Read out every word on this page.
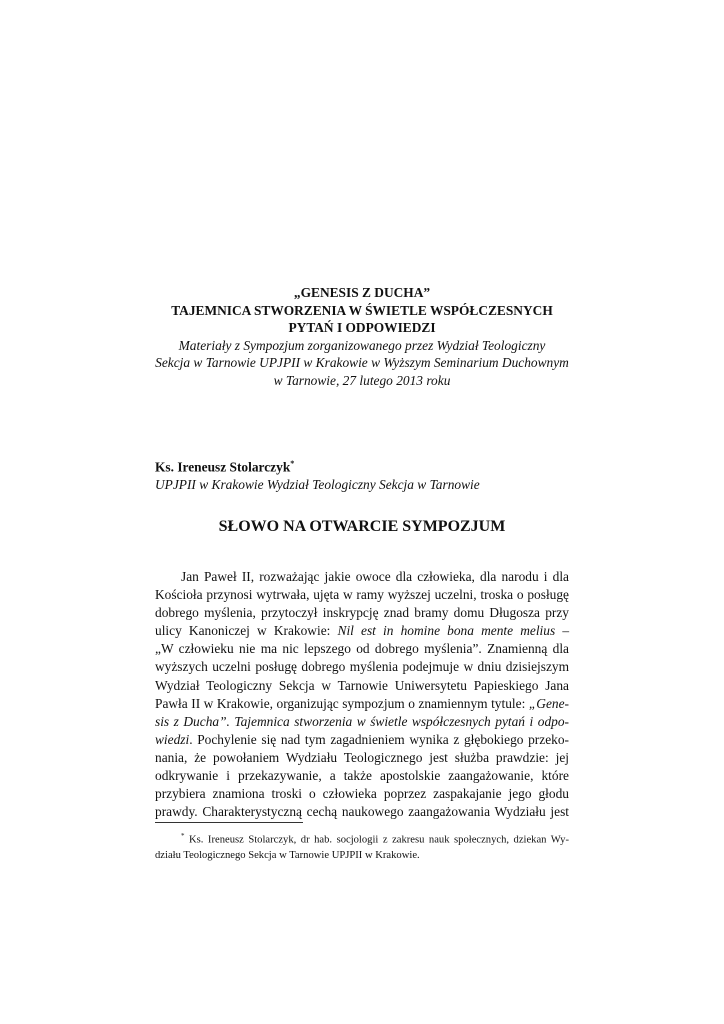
„GENESIS Z DUCHA”
TAJEMNICA STWORZENIA W ŚWIETLE WSPÓŁCZESNYCH
PYTAŃ I ODPOWIEDZI
Materiały z Sympozjum zorganizowanego przez Wydział Teologiczny
Sekcja w Tarnowie UPJPII w Krakowie w Wyższym Seminarium Duchownym
w Tarnowie, 27 lutego 2013 roku
Ks. Ireneusz Stolarczyk*
UPJPII w Krakowie Wydział Teologiczny Sekcja w Tarnowie
SŁOWO NA OTWARCIE SYMPOZJUM
Jan Paweł II, rozważając jakie owoce dla człowieka, dla narodu i dla
Kościoła przynosi wytrwała, ujęta w ramy wyższej uczelni, troska o posługę
dobrego myślenia, przytoczył inskrypcję znad bramy domu Długosza przy
ulicy Kanoniczej w Krakowie: Nil est in homine bona mente melius –
„W człowieku nie ma nic lepszego od dobrego myślenia”. Znamienną dla
wyższych uczelni posługę dobrego myślenia podejmuje w dniu dzisiejszym
Wydział Teologiczny Sekcja w Tarnowie Uniwersytetu Papieskiego Jana
Pawła II w Krakowie, organizując sympozjum o znamiennym tytule: „Gene-
sis z Ducha”. Tajemnica stworzenia w świetle współczesnych pytań i odpo-
wiedzi. Pochylenie się nad tym zagadnieniem wynika z głębokiego przeko-
nania, że powołaniem Wydziału Teologicznego jest służba prawdzie: jej
odkrywanie i przekazywanie, a także apostolskie zaangażowanie, które
przybiera znamiona troski o człowieka poprzez zaspakajanie jego głodu
prawdy. Charakterystyczną cechą naukowego zaangażowania Wydziału jest
* Ks. Ireneusz Stolarczyk, dr hab. socjologii z zakresu nauk społecznych, dziekan Wy-
działu Teologicznego Sekcja w Tarnowie UPJPII w Krakowie.
